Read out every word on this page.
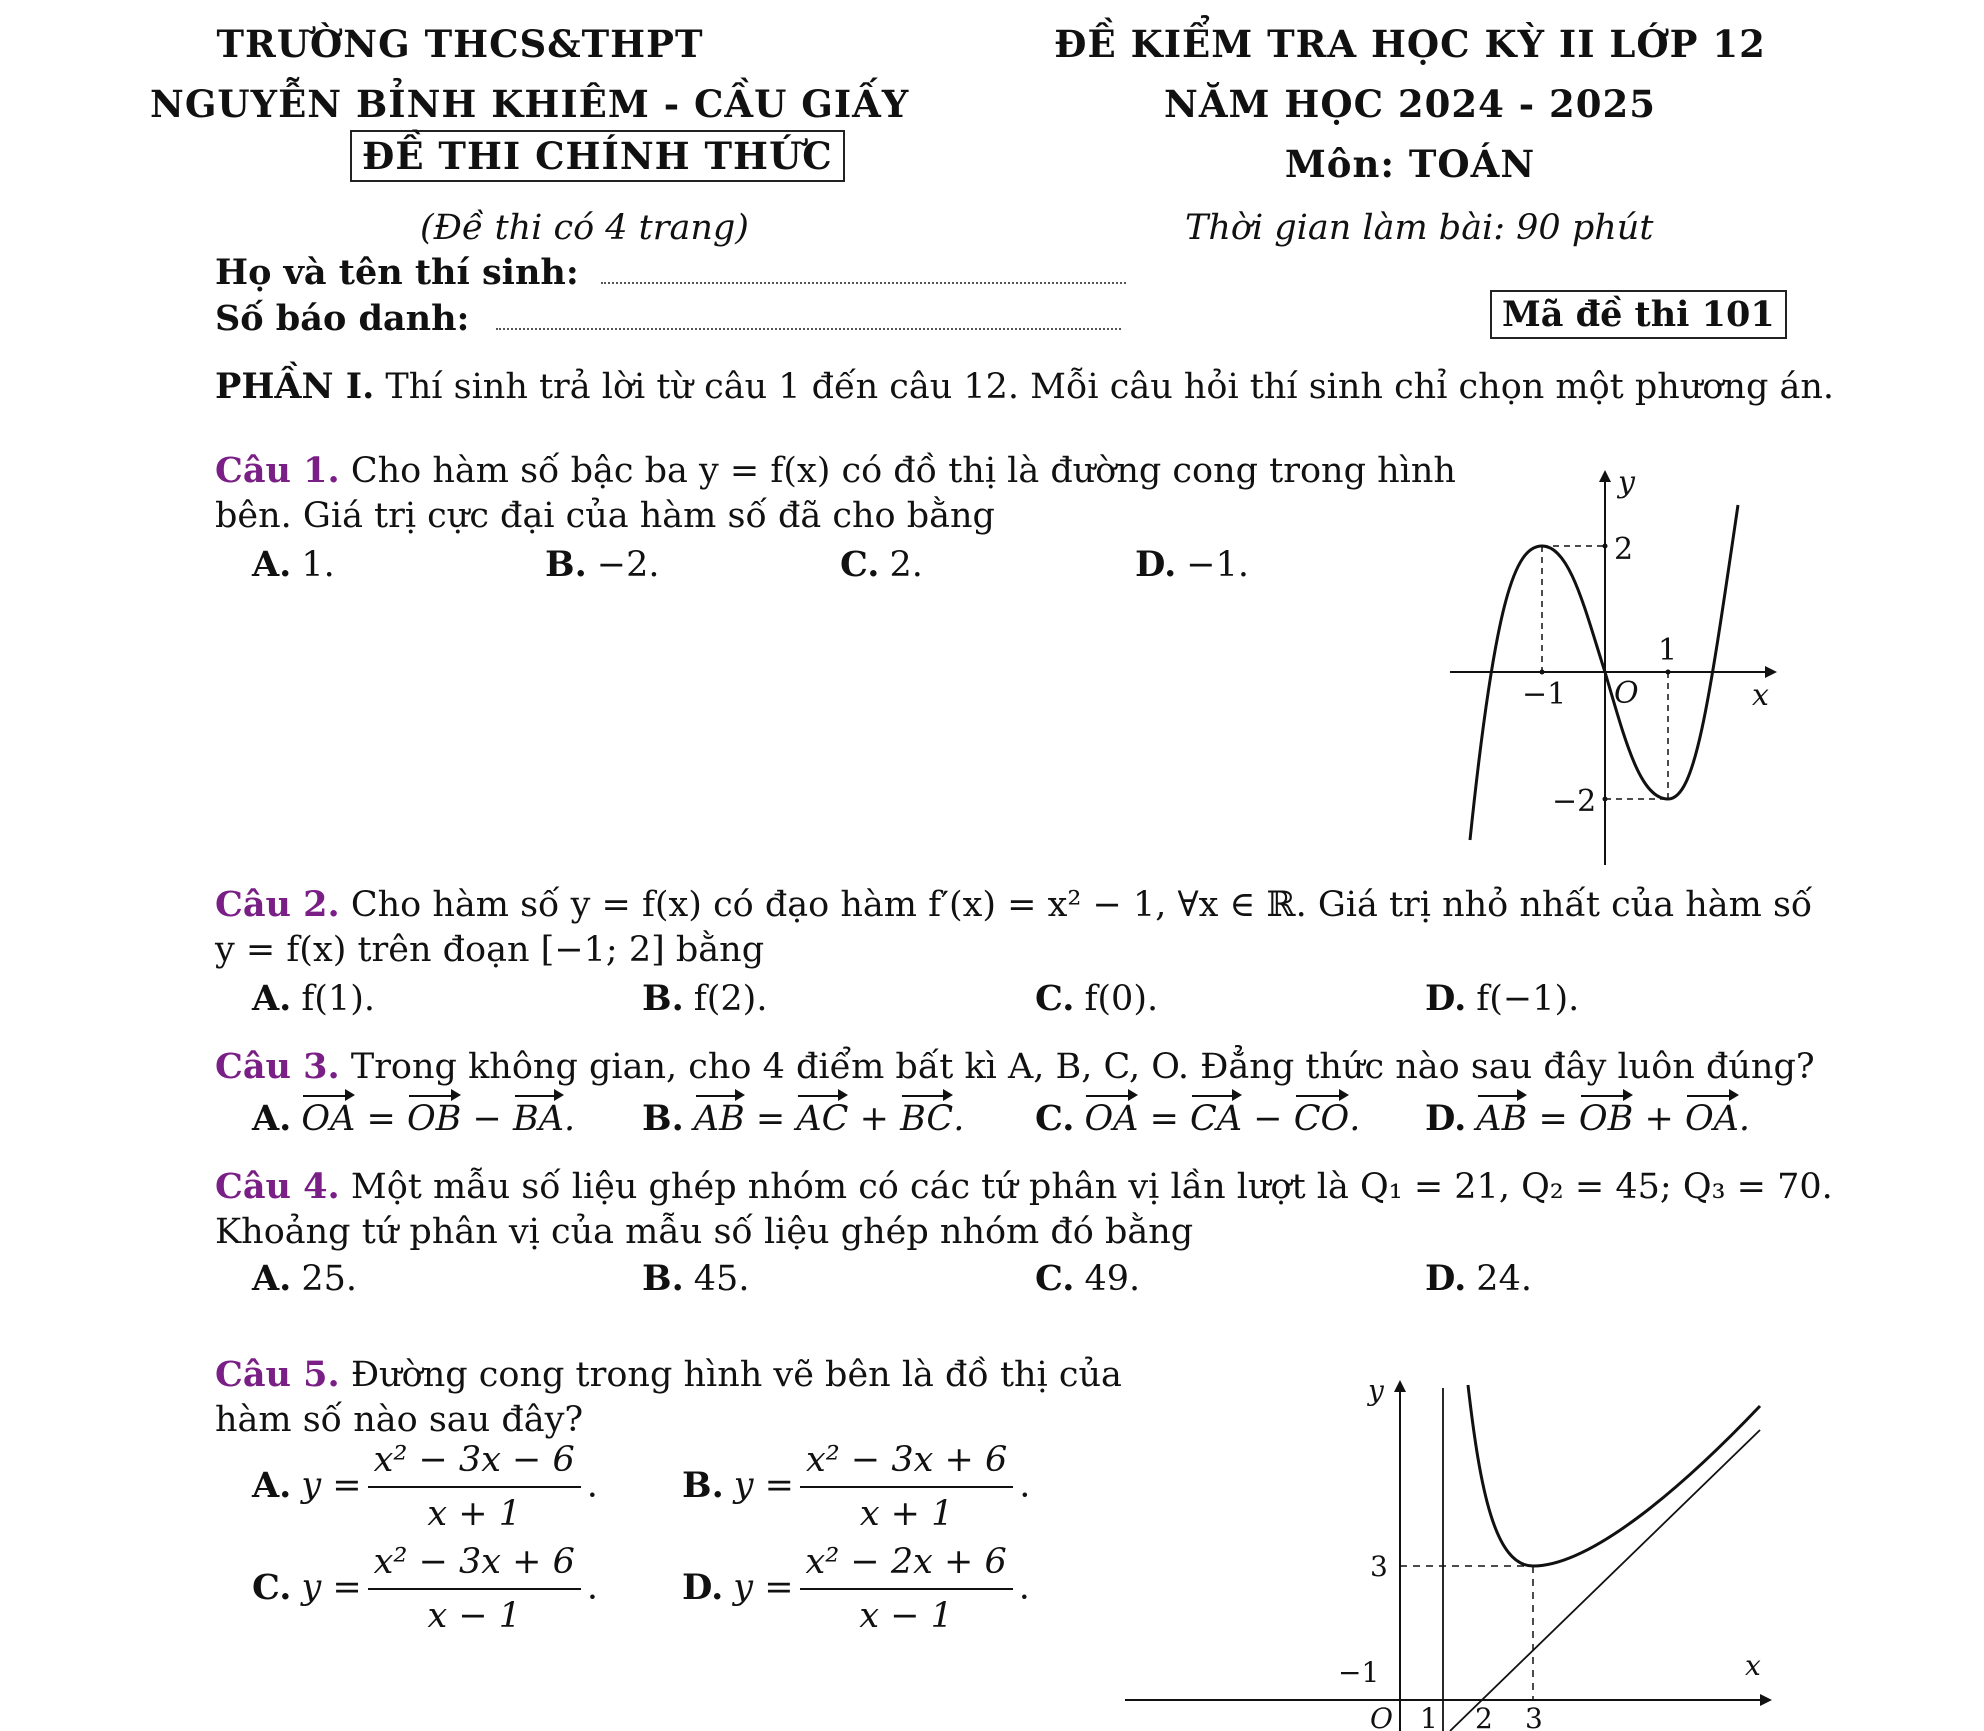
TRƯỜNG THCS&THPT
NGUYỄN BỈNH KHIÊM - CẦU GIẤY
ĐỀ THI CHÍNH THỨC
(Đề thi có 4 trang)
ĐỀ KIỂM TRA HỌC KỲ II LỚP 12
NĂM HỌC 2024 - 2025
Môn: TOÁN
Thời gian làm bài: 90 phút
Họ và tên thí sinh:
Số báo danh:	Mã đề thi 101
PHẦN I. Thí sinh trả lời từ câu 1 đến câu 12. Mỗi câu hỏi thí sinh chỉ chọn một phương án.
Câu 1. Cho hàm số bậc ba y = f(x) có đồ thị là đường cong trong hình
bên. Giá trị cực đại của hàm số đã cho bằng
A. 1.	B. −2.	C. 2.	D. −1.
y
x
O
2
1
−1
−2
Câu 2. Cho hàm số y = f(x) có đạo hàm f′(x) = x² − 1, ∀x ∈ ℝ. Giá trị nhỏ nhất của hàm số
y = f(x) trên đoạn [−1; 2] bằng
A. f(1).	B. f(2).	C. f(0).	D. f(−1).
Câu 3. Trong không gian, cho 4 điểm bất kì A, B, C, O. Đẳng thức nào sau đây luôn đúng?
A. OA = OB − BA. B. AB = AC + BC. C. OA = CA − CO. D. AB = OB + OA.
Câu 4. Một mẫu số liệu ghép nhóm có các tứ phân vị lần lượt là Q₁ = 21, Q₂ = 45; Q₃ = 70.
Khoảng tứ phân vị của mẫu số liệu ghép nhóm đó bằng
A. 25.	B. 45.	C. 49.	D. 24.
Câu 5. Đường cong trong hình vẽ bên là đồ thị của
hàm số nào sau đây?
A. $y = \frac{\text{x² − 3x − 6}}{x + 1}$ . B. $y = \frac{\text{x² − 3x + 6}}{x + 1}$ .
C. $y = \frac{\text{x² − 3x + 6}}{x - 1}$ . D. $y = \frac{\text{x² − 2x + 6}}{x - 1}$ .
y
x
3
−1
O 1 2 3
